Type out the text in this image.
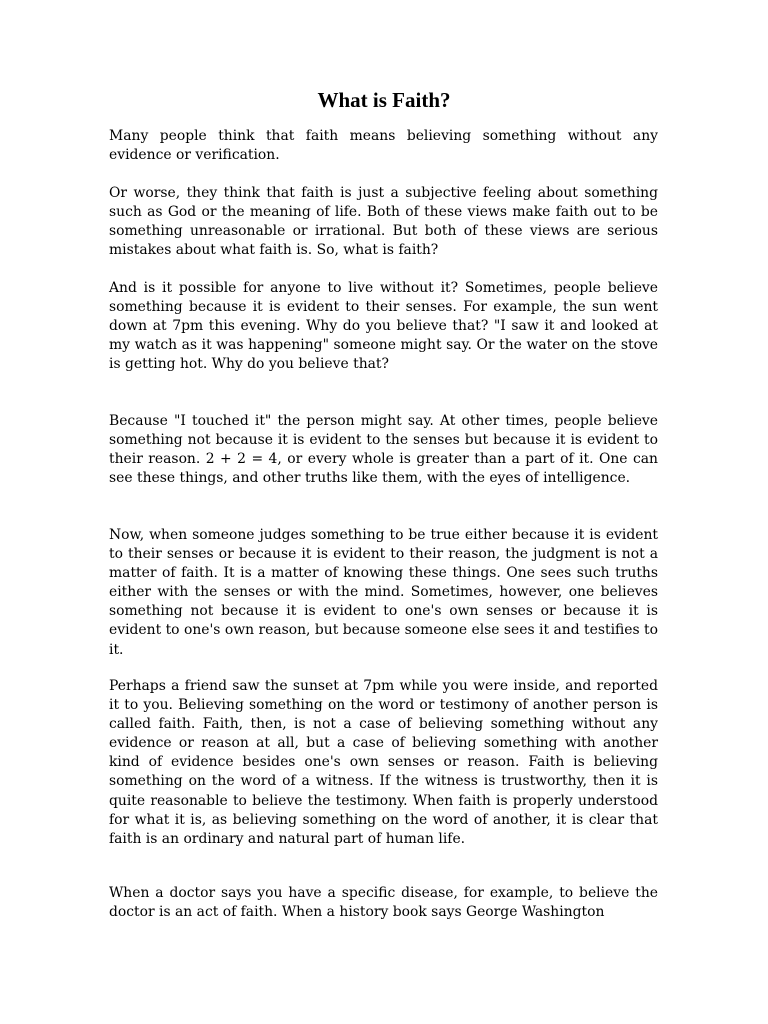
What is Faith?

Many people think that faith means believing something without any evidence or verification.

Or worse, they think that faith is just a subjective feeling about something such as God or the meaning of life. Both of these views make faith out to be something unreasonable or irrational. But both of these views are serious mistakes about what faith is. So, what is faith?

And is it possible for anyone to live without it? Sometimes, people believe something because it is evident to their senses. For example, the sun went down at 7pm this evening. Why do you believe that? "I saw it and looked at my watch as it was happening" someone might say. Or the water on the stove is getting hot. Why do you believe that?

Because "I touched it" the person might say. At other times, people believe something not because it is evident to the senses but because it is evident to their reason. 2 + 2 = 4, or every whole is greater than a part of it. One can see these things, and other truths like them, with the eyes of intelligence.

Now, when someone judges something to be true either because it is evident to their senses or because it is evident to their reason, the judgment is not a matter of faith. It is a matter of knowing these things. One sees such truths either with the senses or with the mind. Sometimes, however, one believes something not because it is evident to one's own senses or because it is evident to one's own reason, but because someone else sees it and testifies to it.

Perhaps a friend saw the sunset at 7pm while you were inside, and reported it to you. Believing something on the word or testimony of another person is called faith. Faith, then, is not a case of believing something without any evidence or reason at all, but a case of believing something with another kind of evidence besides one's own senses or reason. Faith is believing something on the word of a witness. If the witness is trustworthy, then it is quite reasonable to believe the testimony. When faith is properly understood for what it is, as believing something on the word of another, it is clear that faith is an ordinary and natural part of human life.

When a doctor says you have a specific disease, for example, to believe the doctor is an act of faith. When a history book says George Washington
